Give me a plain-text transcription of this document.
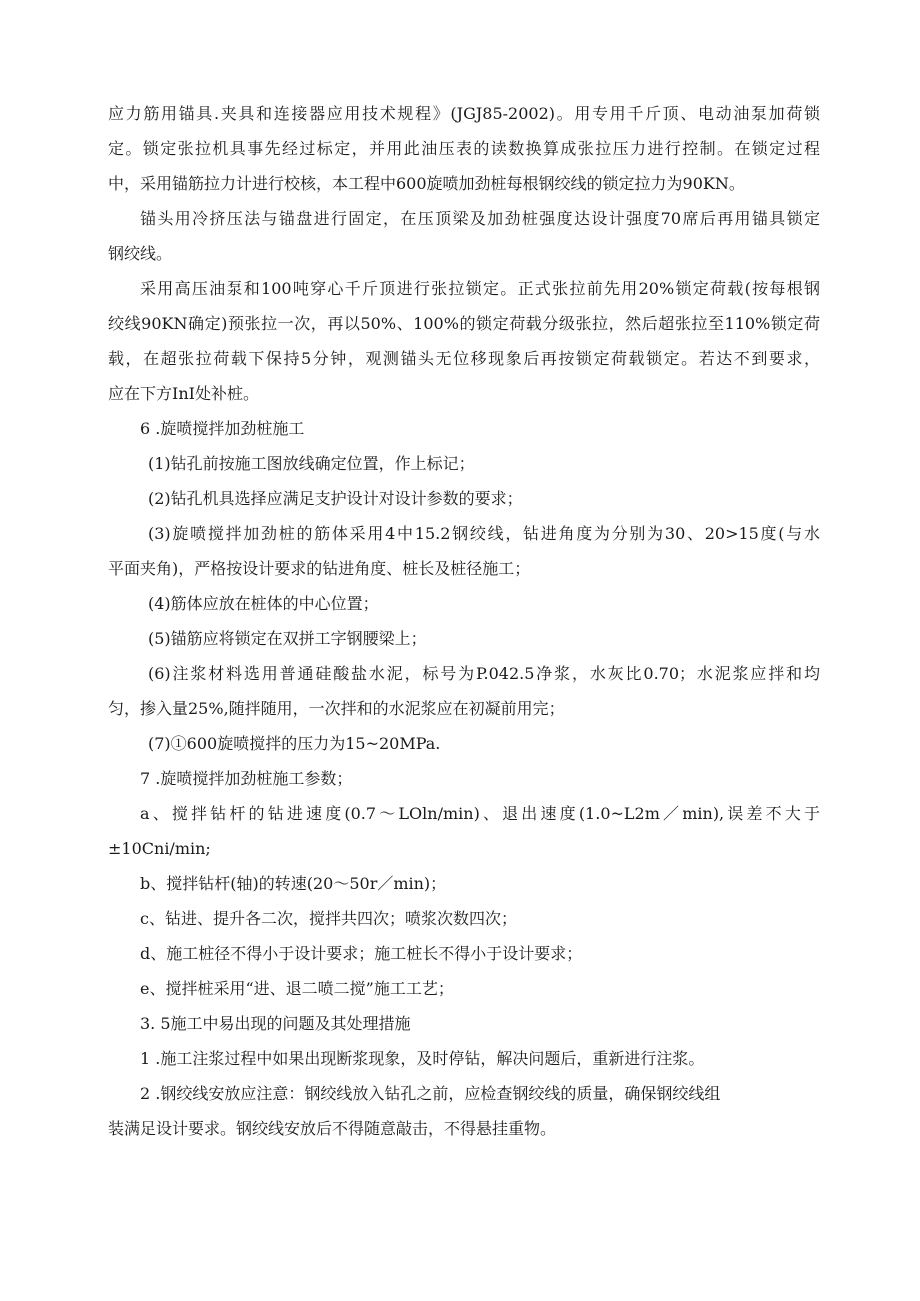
应力筋用锚具.夹具和连接器应用技术规程》(JGJ85-2002)。用专用千斤顶、电动油泵加荷锁
定。锁定张拉机具事先经过标定，并用此油压表的读数换算成张拉压力进行控制。在锁定过程
中，采用锚筋拉力计进行校核，本工程中600旋喷加劲桩每根钢绞线的锁定拉力为90KN。
锚头用冷挤压法与锚盘进行固定，在压顶梁及加劲桩强度达设计强度70席后再用锚具锁定
钢绞线。
采用高压油泵和100吨穿心千斤顶进行张拉锁定。正式张拉前先用20%锁定荷载(按每根钢
绞线90KN确定)预张拉一次，再以50%、100%的锁定荷载分级张拉，然后超张拉至110%锁定荷
载，在超张拉荷载下保持5分钟，观测锚头无位移现象后再按锁定荷载锁定。若达不到要求，
应在下方InI处补桩。
6 .旋喷搅拌加劲桩施工
(1)钻孔前按施工图放线确定位置，作上标记；
(2)钻孔机具选择应满足支护设计对设计参数的要求；
(3)旋喷搅拌加劲桩的筋体采用4中15.2钢绞线，钻进角度为分别为30、20>15度(与水
平面夹角)，严格按设计要求的钻进角度、桩长及桩径施工；
(4)筋体应放在桩体的中心位置；
(5)锚筋应将锁定在双拼工字钢腰梁上；
(6)注浆材料选用普通硅酸盐水泥，标号为P.042.5净浆，水灰比0.70；水泥浆应拌和均
匀，掺入量25%,随拌随用，一次拌和的水泥浆应在初凝前用完；
(7)①600旋喷搅拌的压力为15~20MPa.
7 .旋喷搅拌加劲桩施工参数；
a、搅拌钻杆的钻进速度(0.7～LOln/min)、退出速度(1.0~L2m／min),误差不大于
±10Cni/min;
b、搅拌钻杆(轴)的转速(20～50r／min)；
c、钻进、提升各二次，搅拌共四次；喷浆次数四次；
d、施工桩径不得小于设计要求；施工桩长不得小于设计要求；
e、搅拌桩采用“进、退二喷二搅”施工工艺；
3. 5施工中易出现的问题及其处理措施
1 .施工注浆过程中如果出现断浆现象，及时停钻，解决问题后，重新进行注浆。
2 .钢绞线安放应注意：钢绞线放入钻孔之前，应检查钢绞线的质量，确保钢绞线组
装满足设计要求。钢绞线安放后不得随意敲击，不得悬挂重物。
